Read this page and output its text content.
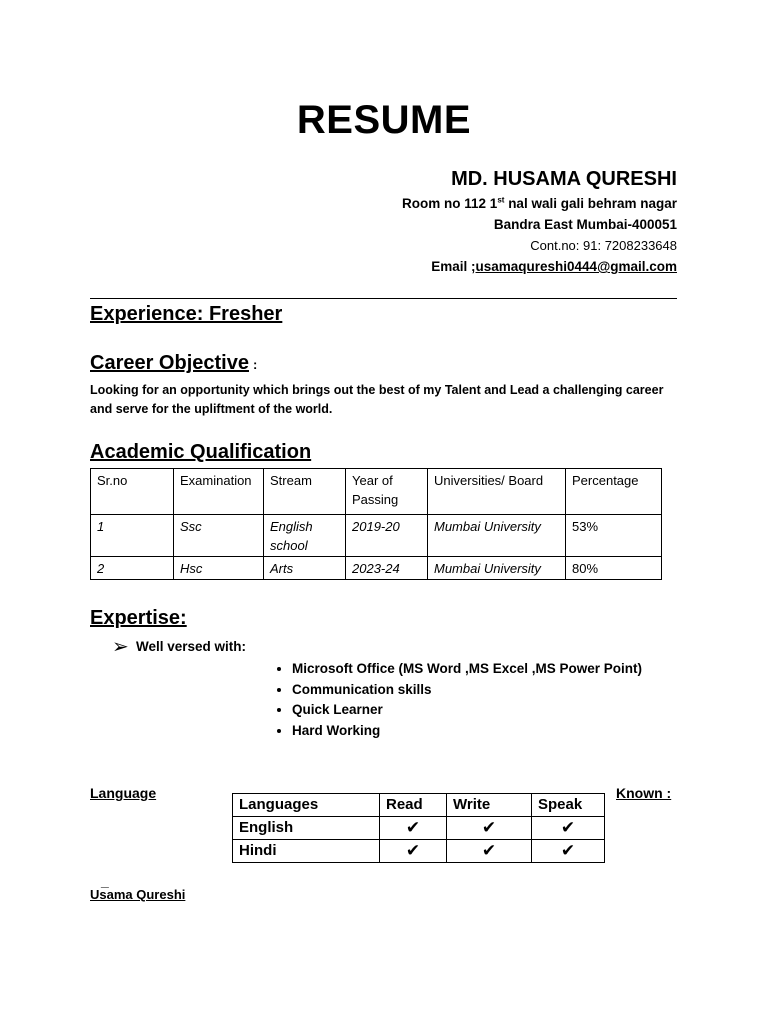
RESUME
MD. HUSAMA QURESHI
Room no 112 1st nal wali gali behram nagar
Bandra East Mumbai-400051
Cont.no: 91: 7208233648
Email ;usamaqureshi0444@gmail.com
Experience: Fresher
Career Objective :
Looking for an opportunity which brings out the best of my Talent and Lead a challenging career and serve for the upliftment of the world.
Academic Qualification
Sr.no	Examination	Stream	Year of Passing	Universities/ Board	Percentage
1	Ssc	English school	2019-20	Mumbai University	53%
2	Hsc	Arts	2023-24	Mumbai University	80%
Expertise:
➢ Well versed with:
• Microsoft Office (MS Word ,MS Excel ,MS Power Point)
• Communication skills
• Quick Learner
• Hard Working
Language	Known :
Languages	Read	Write	Speak
English	✔	✔	✔
Hindi	✔	✔	✔
_
Usama Qureshi
